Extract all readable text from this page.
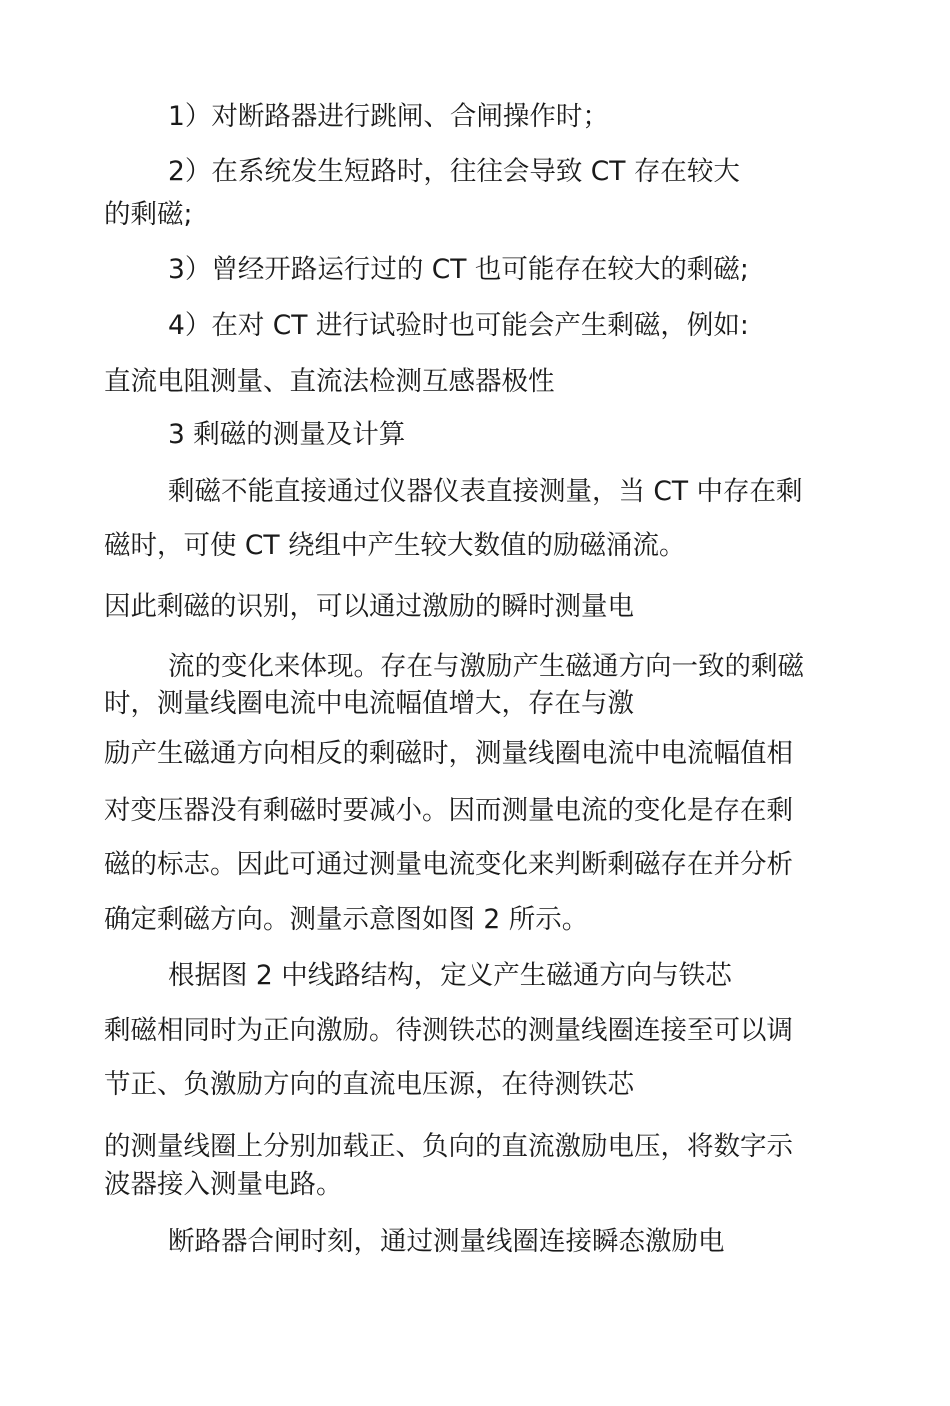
1）对断路器进行跳闸、合闸操作时；
2）在系统发生短路时，往往会导致 CT 存在较大
的剩磁;
3）曾经开路运行过的 CT 也可能存在较大的剩磁;
4）在对 CT 进行试验时也可能会产生剩磁，例如:
直流电阻测量、直流法检测互感器极性
3 剩磁的测量及计算
剩磁不能直接通过仪器仪表直接测量，当 CT 中存在剩
磁时，可使 CT 绕组中产生较大数值的励磁涌流。
因此剩磁的识别，可以通过激励的瞬时测量电
流的变化来体现。存在与激励产生磁通方向一致的剩磁
时，测量线圈电流中电流幅值增大，存在与激
励产生磁通方向相反的剩磁时，测量线圈电流中电流幅值相
对变压器没有剩磁时要减小。因而测量电流的变化是存在剩
磁的标志。因此可通过测量电流变化来判断剩磁存在并分析
确定剩磁方向。测量示意图如图 2 所示。
根据图 2 中线路结构，定义产生磁通方向与铁芯
剩磁相同时为正向激励。待测铁芯的测量线圈连接至可以调
节正、负激励方向的直流电压源，在待测铁芯
的测量线圈上分别加载正、负向的直流激励电压，将数字示
波器接入测量电路。
断路器合闸时刻，通过测量线圈连接瞬态激励电
